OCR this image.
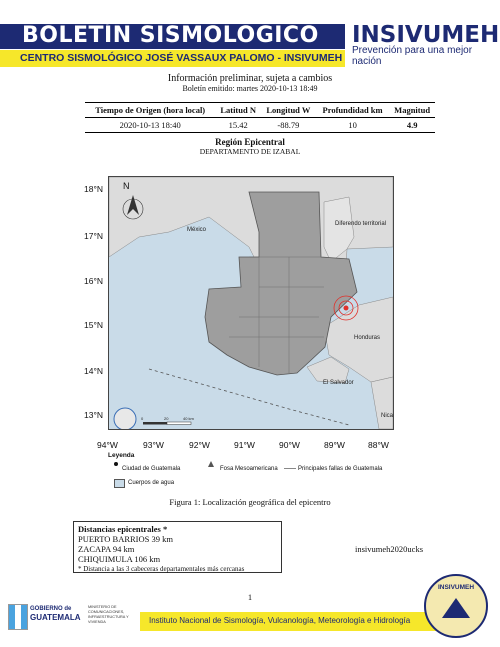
BOLETÍN SISMOLÓGICO
CENTRO SISMOLÓGICO JOSÉ VASSAUX PALOMO - INSIVUMEH
INSIVUMEH
Prevención para una mejor nación
Información preliminar, sujeta a cambios
Boletín emitido: martes 2020-10-13 18:49
Tiempo de Origen (hora local)	Latitud N	Longitud W	Profundidad km	Magnitud
2020-10-13 18:40	15.42	-88.79	10	4.9
Región Epicentral
DEPARTAMENTO DE IZABAL
N
México
Diferendo territorial
Honduras
El Salvador
Nica
0	20	40 km
18°N
17°N
16°N
15°N
14°N
13°N
94°W	93°W	92°W	91°W	90°W	89°W	88°W
Leyenda
Ciudad de Guatemala	Fosa Mesoamericana	Principales fallas de Guatemala
Cuerpos de agua
Figura 1: Localización geográfica del epicentro
Distancias epicentrales *
PUERTO BARRIOS 39 km
ZACAPA 94 km
CHIQUIMULA 106 km
* Distancia a las 3 cabeceras departamentales más cercanas
insivumeh2020ucks
1
GOBIERNO de
GUATEMALA
MINISTERIO DE COMUNICACIONES, INFRAESTRUCTURA Y VIVIENDA	Instituto Nacional de Sismología, Vulcanología, Meteorología e Hidrología
INSIVUMEH
